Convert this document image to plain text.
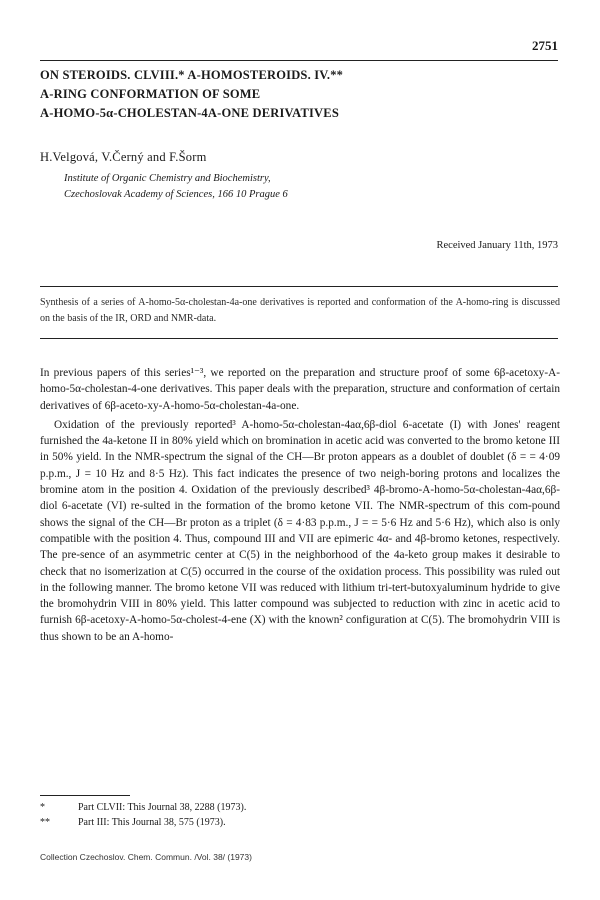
2751
ON STEROIDS. CLVIII.* A-HOMOSTEROIDS. IV.**
A-RING CONFORMATION OF SOME
A-HOMO-5α-CHOLESTAN-4A-ONE DERIVATIVES
H.Velgová, V.Černý and F.Šorm
Institute of Organic Chemistry and Biochemistry,
Czechoslovak Academy of Sciences, 166 10 Prague 6
Received January 11th, 1973
Synthesis of a series of A-homo-5α-cholestan-4a-one derivatives is reported and conformation of the A-homo-ring is discussed on the basis of the IR, ORD and NMR-data.

In previous papers of this series¹⁻³, we reported on the preparation and structure proof of some 6β-acetoxy-A-homo-5α-cholestan-4-one derivatives. This paper deals with the preparation, structure and conformation of certain derivatives of 6β-aceto-xy-A-homo-5α-cholestan-4a-one.

Oxidation of the previously reported³ A-homo-5α-cholestan-4aα,6β-diol 6-acetate (I) with Jones' reagent furnished the 4a-ketone II in 80% yield which on bromination in acetic acid was converted to the bromo ketone III in 50% yield. In the NMR-spectrum the signal of the CH—Br proton appears as a doublet of doublet (δ = = 4·09 p.p.m., J = 10 Hz and 8·5 Hz). This fact indicates the presence of two neigh-boring protons and localizes the bromine atom in the position 4. Oxidation of the previously described³ 4β-bromo-A-homo-5α-cholestan-4aα,6β-diol 6-acetate (VI) re-sulted in the formation of the bromo ketone VII. The NMR-spectrum of this com-pound shows the signal of the CH—Br proton as a triplet (δ = 4·83 p.p.m., J = = 5·6 Hz and 5·6 Hz), which also is only compatible with the position 4. Thus, compound III and VII are epimeric 4α- and 4β-bromo ketones, respectively. The pre-sence of an asymmetric center at C(5) in the neighborhood of the 4a-keto group makes it desirable to check that no isomerization at C(5) occurred in the course of the oxidation process. This possibility was ruled out in the following manner. The bromo ketone VII was reduced with lithium tri-tert-butoxyaluminum hydride to give the bromohydrin VIII in 80% yield. This latter compound was subjected to reduction with zinc in acetic acid to furnish 6β-acetoxy-A-homo-5α-cholest-4-ene (X) with the known² configuration at C(5). The bromohydrin VIII is thus shown to be an A-homo-

*	Part CLVII: This Journal 38, 2288 (1973).
**	Part III: This Journal 38, 575 (1973).
Collection Czechoslov. Chem. Commun. /Vol. 38/ (1973)
